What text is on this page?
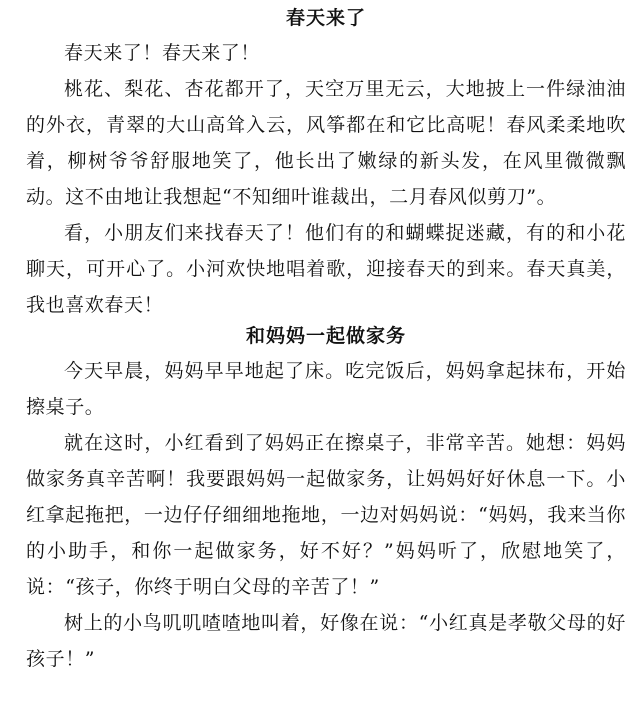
春天来了

春天来了！春天来了！

桃花、梨花、杏花都开了，天空万里无云，大地披上一件绿油油的外衣，青翠的大山高耸入云，风筝都在和它比高呢！春风柔柔地吹着，柳树爷爷舒服地笑了，他长出了嫩绿的新头发，在风里微微飘动。这不由地让我想起“不知细叶谁裁出，二月春风似剪刀”。

看，小朋友们来找春天了！他们有的和蝴蝶捉迷藏，有的和小花聊天，可开心了。小河欢快地唱着歌，迎接春天的到来。春天真美，我也喜欢春天！

和妈妈一起做家务

今天早晨，妈妈早早地起了床。吃完饭后，妈妈拿起抹布，开始擦桌子。

就在这时，小红看到了妈妈正在擦桌子，非常辛苦。她想：妈妈做家务真辛苦啊！我要跟妈妈一起做家务，让妈妈好好休息一下。小红拿起拖把，一边仔仔细细地拖地，一边对妈妈说：“妈妈，我来当你的小助手，和你一起做家务，好不好？”妈妈听了，欣慰地笑了，说：“孩子，你终于明白父母的辛苦了！”

树上的小鸟叽叽喳喳地叫着，好像在说：“小红真是孝敬父母的好孩子！”
